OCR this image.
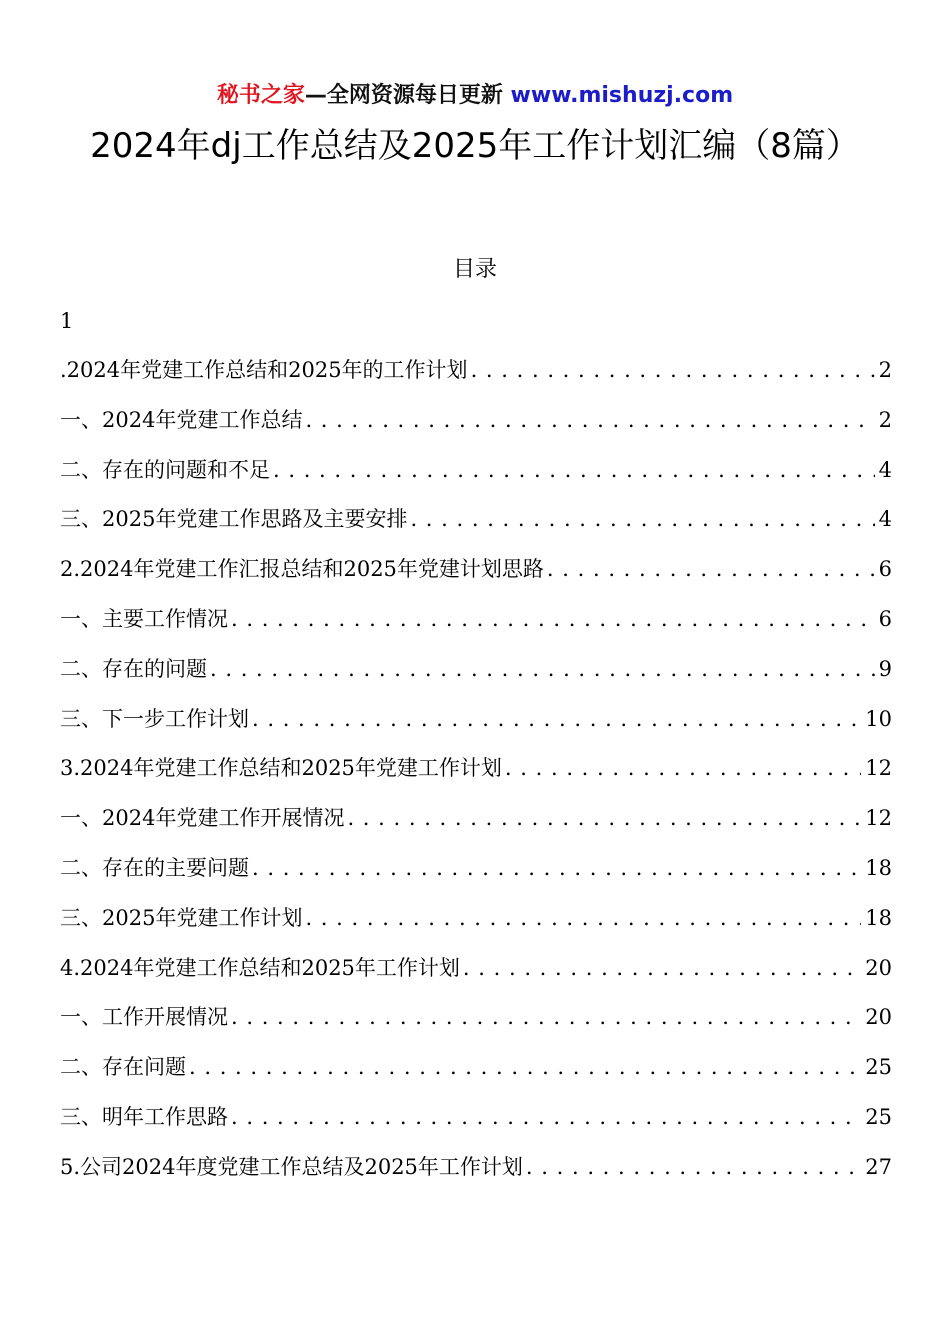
秘书之家—全网资源每日更新 www.mishuzj.com
2024年dj工作总结及2025年工作计划汇编（8篇）
目录
1
.2024年党建工作总结和2025年的工作计划 . . .	2
一、2024年党建工作总结 . . .	2
二、存在的问题和不足 . . .	4
三、2025年党建工作思路及主要安排 . . .	4
2.2024年党建工作汇报总结和2025年党建计划思路 . . .	6
一、主要工作情况 . . .	6
二、存在的问题 . . .	9
三、下一步工作计划 . . .	10
3.2024年党建工作总结和2025年党建工作计划 . . .	12
一、2024年党建工作开展情况 . . .	12
二、存在的主要问题 . . .	18
三、2025年党建工作计划 . . .	18
4.2024年党建工作总结和2025年工作计划 . . .	20
一、工作开展情况 . . .	20
二、存在问题 . . .	25
三、明年工作思路 . . .	25
5.公司2024年度党建工作总结及2025年工作计划 . . .	27
